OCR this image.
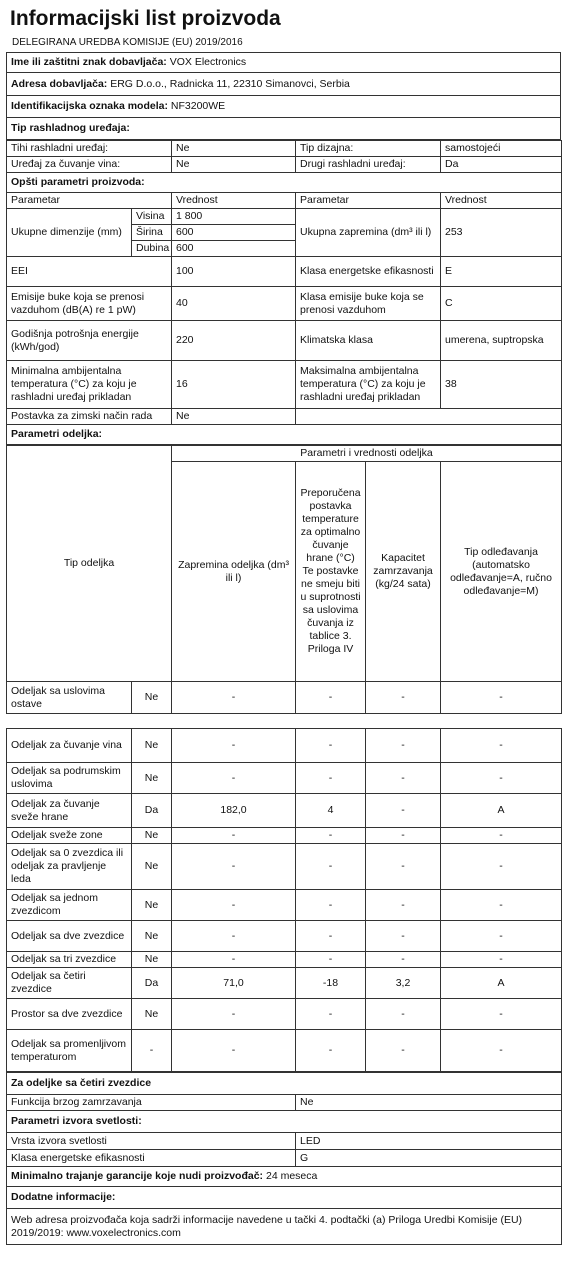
Informacijski list proizvoda
DELEGIRANA UREDBA KOMISIJE (EU) 2019/2016
Ime ili zaštitni znak dobavljača: VOX Electronics
Adresa dobavljača: ERG D.o.o., Radnicka 11, 22310 Simanovci, Serbia
Identifikacijska oznaka modela: NF3200WE
Tip rashladnog uređaja:
Tihi rashladni uređaj:		Ne	Tip dizajna:	samostojeći
Uređaj za čuvanje vina:		Ne	Drugi rashladni uređaj:	Da
Opšti parametri proizvoda:				
Parametar		Vrednost	Parametar	Vrednost
Ukupne dimenzije (mm)	Visina	1 800	Ukupna zapremina (dm³ ili l)	253
	Širina	600		
	Dubina	600		
EEI		100	Klasa energetske efikasnosti	E
Emisije buke koja se prenosi vazduhom (dB(A) re 1 pW)		40	Klasa emisije buke koja se prenosi vazduhom	C
Godišnja potrošnja energije (kWh/god)		220	Klimatska klasa	umerena, suptropska
Minimalna ambijentalna temperatura (°C) za koju je rashladni uređaj prikladan		16	Maksimalna ambijentalna temperatura (°C) za koju je rashladni uređaj prikladan	38
Postavka za zimski način rada		Ne		
Parametri odeljka:				
Tip odeljka		Parametri i vrednosti odeljka			
		Zapremina odeljka (dm³ ili l)	Preporučena postavka temperature za optimalno čuvanje hrane (°C) Te postavke ne smeju biti u suprotnosti sa uslovima čuvanja iz tablice 3. Priloga IV	Kapacitet zamrzavanja (kg/24 sata)	Tip odleđavanja (automatsko odleđavanje=A, ručno odleđavanje=M)
Odeljak sa uslovima ostave	Ne	-	-	-	-
Odeljak za čuvanje vina	Ne	-	-	-	-
Odeljak sa podrumskim uslovima	Ne	-	-	-	-
Odeljak za čuvanje sveže hrane	Da	182,0	4	-	A
Odeljak sveže zone	Ne	-	-	-	-
Odeljak sa 0 zvezdica ili odeljak za pravljenje leda	Ne	-	-	-	-
Odeljak sa jednom zvezdicom	Ne	-	-	-	-
Odeljak sa dve zvezdice	Ne	-	-	-	-
Odeljak sa tri zvezdice	Ne	-	-	-	-
Odeljak sa četiri zvezdice	Da	71,0	-18	3,2	A
Prostor sa dve zvezdice	Ne	-	-	-	-
Odeljak sa promenljivom temperaturom	-	-	-	-	-
Za odeljke sa četiri zvezdice	
Funkcija brzog zamrzavanja	Ne
Parametri izvora svetlosti:	
Vrsta izvora svetlosti	LED
Klasa energetske efikasnosti	G
Minimalno trajanje garancije koje nudi proizvođač: 24 meseca	
Dodatne informacije:	
Web adresa proizvođača koja sadrži informacije navedene u tački 4. podtački (a) Priloga Uredbi Komisije (EU) 2019/2019: www.voxelectronics.com	
